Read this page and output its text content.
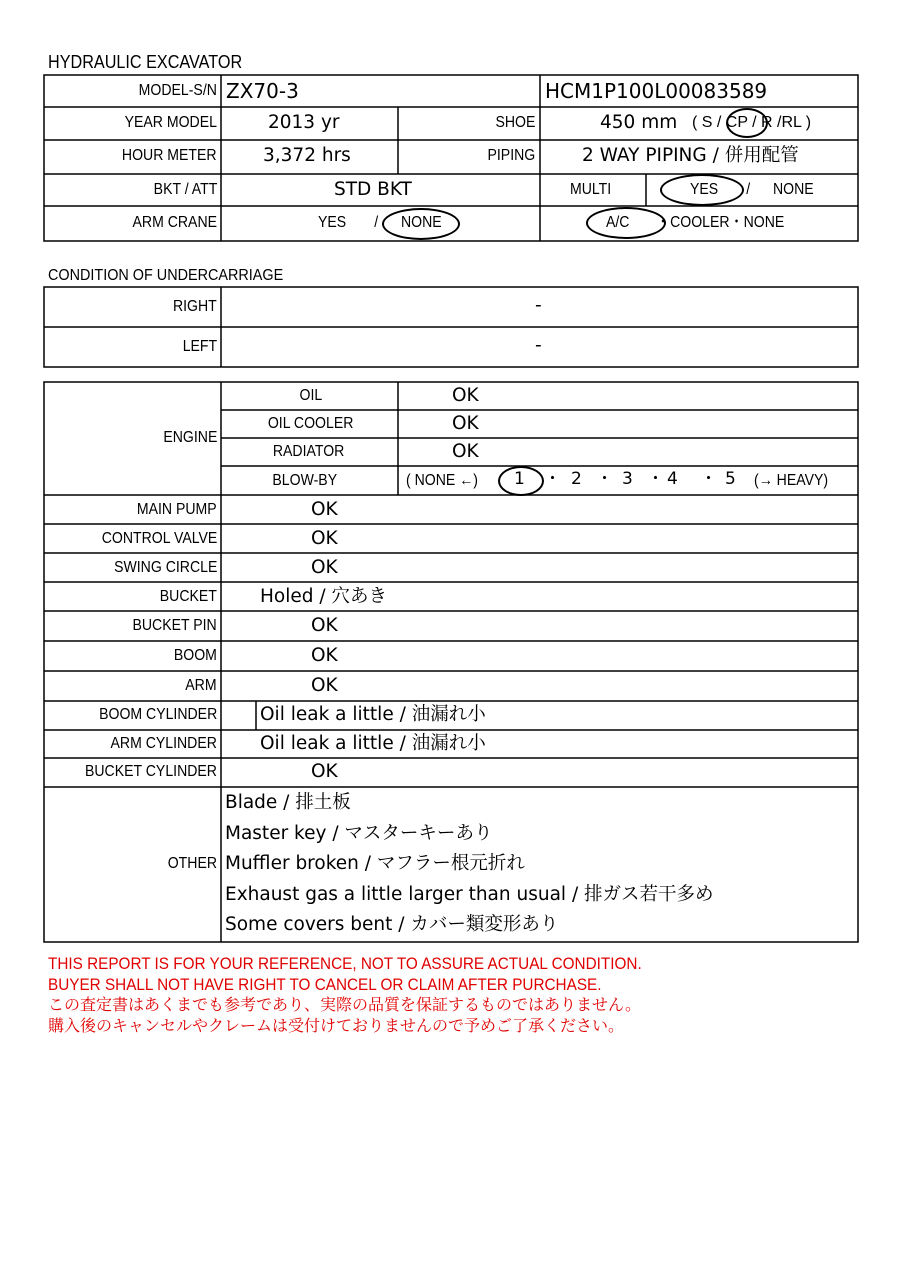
HYDRAULIC EXCAVATOR
MODEL-S/N ZX70-3	HCM1P100L00083589
YEAR MODEL	2013 yr	SHOE	450 mm ( S / CP / R /RL )
HOUR METER 3,372 hrs	PIPING	2 WAY PIPING / 併用配管
BKT / ATT	STD BKT	MULTI	YES / NONE
ARM CRANE	YES / NONE	A/C ・COOLER・NONE
CONDITION OF UNDERCARRIAGE
RIGHT	-
LEFT	-
ENGINE
OIL	OK
OIL COOLER	OK
RADIATOR	OK
BLOW-BY	( NONE ←) 1 ・ 2 ・ 3 ・ 4 ・ 5 (→ HEAVY)
MAIN PUMP	OK
CONTROL VALVE	OK
SWING CIRCLE	OK
BUCKET Holed / 穴あき
BUCKET PIN	OK
BOOM	OK
ARM	OK
BOOM CYLINDER Oil leak a little / 油漏れ小
ARM CYLINDER Oil leak a little / 油漏れ小
BUCKET CYLINDER	OK
OTHER
Blade / 排土板
Master key / マスターキーあり
Muffler broken / マフラー根元折れ
Exhaust gas a little larger than usual / 排ガス若干多め
Some covers bent / カバー類変形あり
THIS REPORT IS FOR YOUR REFERENCE, NOT TO ASSURE ACTUAL CONDITION.
BUYER SHALL NOT HAVE RIGHT TO CANCEL OR CLAIM AFTER PURCHASE.
この査定書はあくまでも参考であり、実際の品質を保証するものではありません。
購入後のキャンセルやクレームは受付けておりませんので予めご了承ください。
